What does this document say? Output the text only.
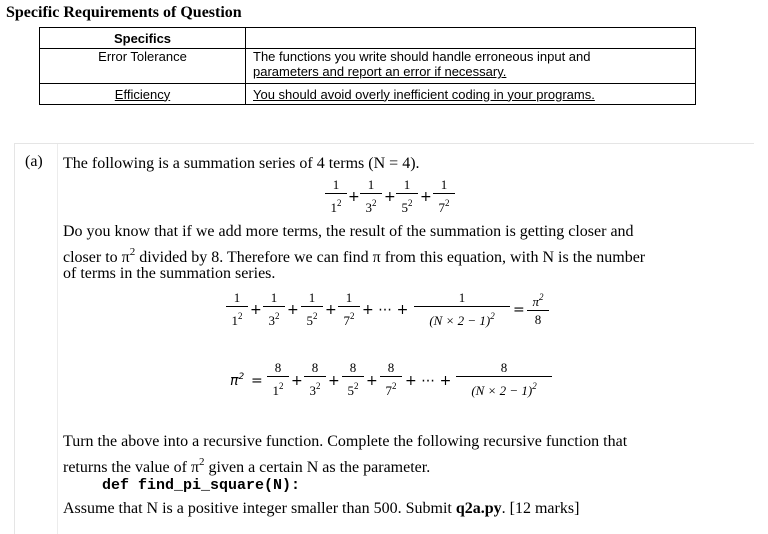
Specific Requirements of Question
Specifics	
Error Tolerance	The functions you write should handle erroneous input and
parameters and report an error if necessary.
Efficiency	You should avoid overly inefficient coding in your programs.
(a) The following is a summation series of 4 terms (N = 4).
1
$1^2$ +
1
$3^2$ +
1
$5^2$ +
1
$7^2$
Do you know that if we add more terms, the result of the summation is getting closer and
closer to $\pi^2$ divided by 8. Therefore we can find π from this equation, with N is the number
of terms in the summation series.
1
$1^2$ +
1
$3^2$ +
1
$5^2$ +
1
$7^2$ + ⋯ +
1
$(N \times 2 - 1)^2$	=
$\pi^2$
8
$\pi^2$ =
8
$1^2$ +
8
$3^2$ +
8
$5^2$ +
8
$7^2$ + ⋯ +
8
$(N \times 2 - 1)^2$
Turn the above into a recursive function. Complete the following recursive function that
returns the value of $\pi^2$ given a certain N as the parameter.
def find_pi_square(N):
Assume that N is a positive integer smaller than 500. Submit q2a.py. [12 marks]
